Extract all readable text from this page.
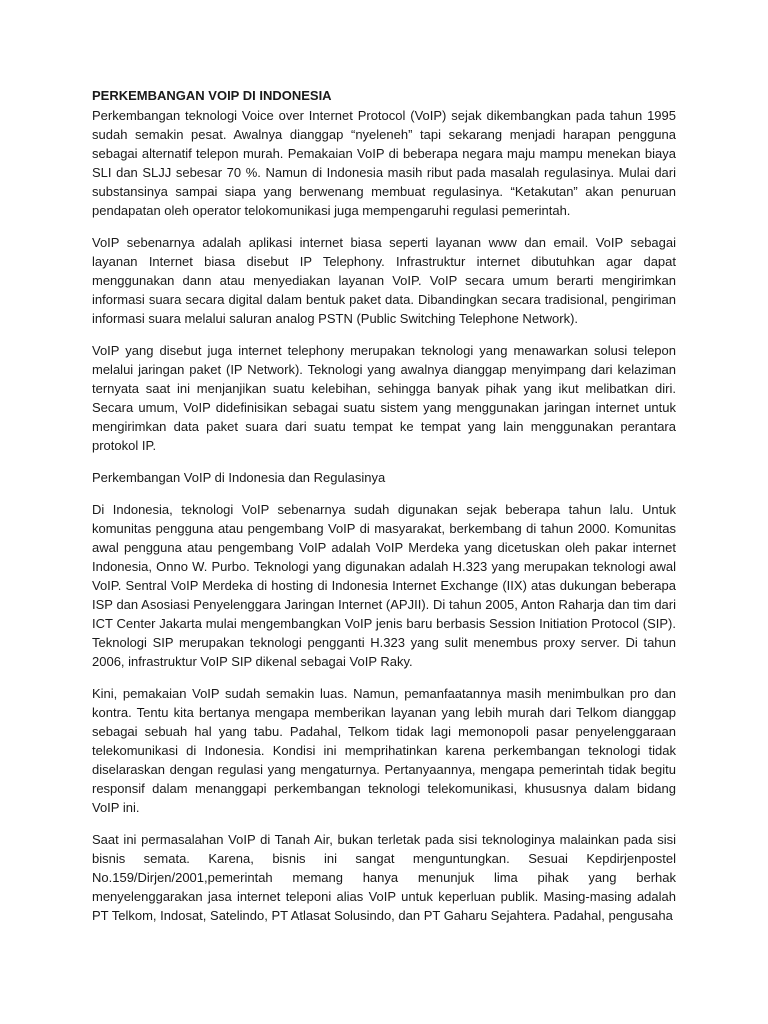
PERKEMBANGAN VOIP DI INDONESIA

Perkembangan teknologi Voice over Internet Protocol (VoIP) sejak dikembangkan pada tahun 1995 sudah semakin pesat. Awalnya dianggap “nyeleneh” tapi sekarang menjadi harapan pengguna sebagai alternatif telepon murah. Pemakaian VoIP di beberapa negara maju mampu menekan biaya SLI dan SLJJ sebesar 70 %. Namun di Indonesia masih ribut pada masalah regulasinya. Mulai dari substansinya sampai siapa yang berwenang membuat regulasinya. “Ketakutan” akan penuruan pendapatan oleh operator telokomunikasi juga mempengaruhi regulasi pemerintah.

VoIP sebenarnya adalah aplikasi internet biasa seperti layanan www dan email. VoIP sebagai layanan Internet biasa disebut IP Telephony. Infrastruktur internet dibutuhkan agar dapat menggunakan dann atau menyediakan layanan VoIP. VoIP secara umum berarti mengirimkan informasi suara secara digital dalam bentuk paket data. Dibandingkan secara tradisional, pengiriman informasi suara melalui saluran analog PSTN (Public Switching Telephone Network).

VoIP yang disebut juga internet telephony merupakan teknologi yang menawarkan solusi telepon melalui jaringan paket (IP Network). Teknologi yang awalnya dianggap menyimpang dari kelaziman ternyata saat ini menjanjikan suatu kelebihan, sehingga banyak pihak yang ikut melibatkan diri. Secara umum, VoIP didefinisikan sebagai suatu sistem yang menggunakan jaringan internet untuk mengirimkan data paket suara dari suatu tempat ke tempat yang lain menggunakan perantara protokol IP.

Perkembangan VoIP di Indonesia dan Regulasinya

Di Indonesia, teknologi VoIP sebenarnya sudah digunakan sejak beberapa tahun lalu. Untuk komunitas pengguna atau pengembang VoIP di masyarakat, berkembang di tahun 2000. Komunitas awal pengguna atau pengembang VoIP adalah VoIP Merdeka yang dicetuskan oleh pakar internet Indonesia, Onno W. Purbo. Teknologi yang digunakan adalah H.323 yang merupakan teknologi awal VoIP. Sentral VoIP Merdeka di hosting di Indonesia Internet Exchange (IIX) atas dukungan beberapa ISP dan Asosiasi Penyelenggara Jaringan Internet (APJII). Di tahun 2005, Anton Raharja dan tim dari ICT Center Jakarta mulai mengembangkan VoIP jenis baru berbasis Session Initiation Protocol (SIP). Teknologi SIP merupakan teknologi pengganti H.323 yang sulit menembus proxy server. Di tahun 2006, infrastruktur VoIP SIP dikenal sebagai VoIP Raky.

Kini, pemakaian VoIP sudah semakin luas. Namun, pemanfaatannya masih menimbulkan pro dan kontra. Tentu kita bertanya mengapa memberikan layanan yang lebih murah dari Telkom dianggap sebagai sebuah hal yang tabu. Padahal, Telkom tidak lagi memonopoli pasar penyelenggaraan telekomunikasi di Indonesia. Kondisi ini memprihatinkan karena perkembangan teknologi tidak diselaraskan dengan regulasi yang mengaturnya. Pertanyaannya, mengapa pemerintah tidak begitu responsif dalam menanggapi perkembangan teknologi telekomunikasi, khususnya dalam bidang VoIP ini.

Saat ini permasalahan VoIP di Tanah Air, bukan terletak pada sisi teknologinya malainkan pada sisi bisnis semata. Karena, bisnis ini sangat menguntungkan. Sesuai Kepdirjenpostel No.159/Dirjen/2001,pemerintah memang hanya menunjuk lima pihak yang berhak menyelenggarakan jasa internet teleponi alias VoIP untuk keperluan publik. Masing-masing adalah PT Telkom, Indosat, Satelindo, PT Atlasat Solusindo, dan PT Gaharu Sejahtera. Padahal, pengusaha
